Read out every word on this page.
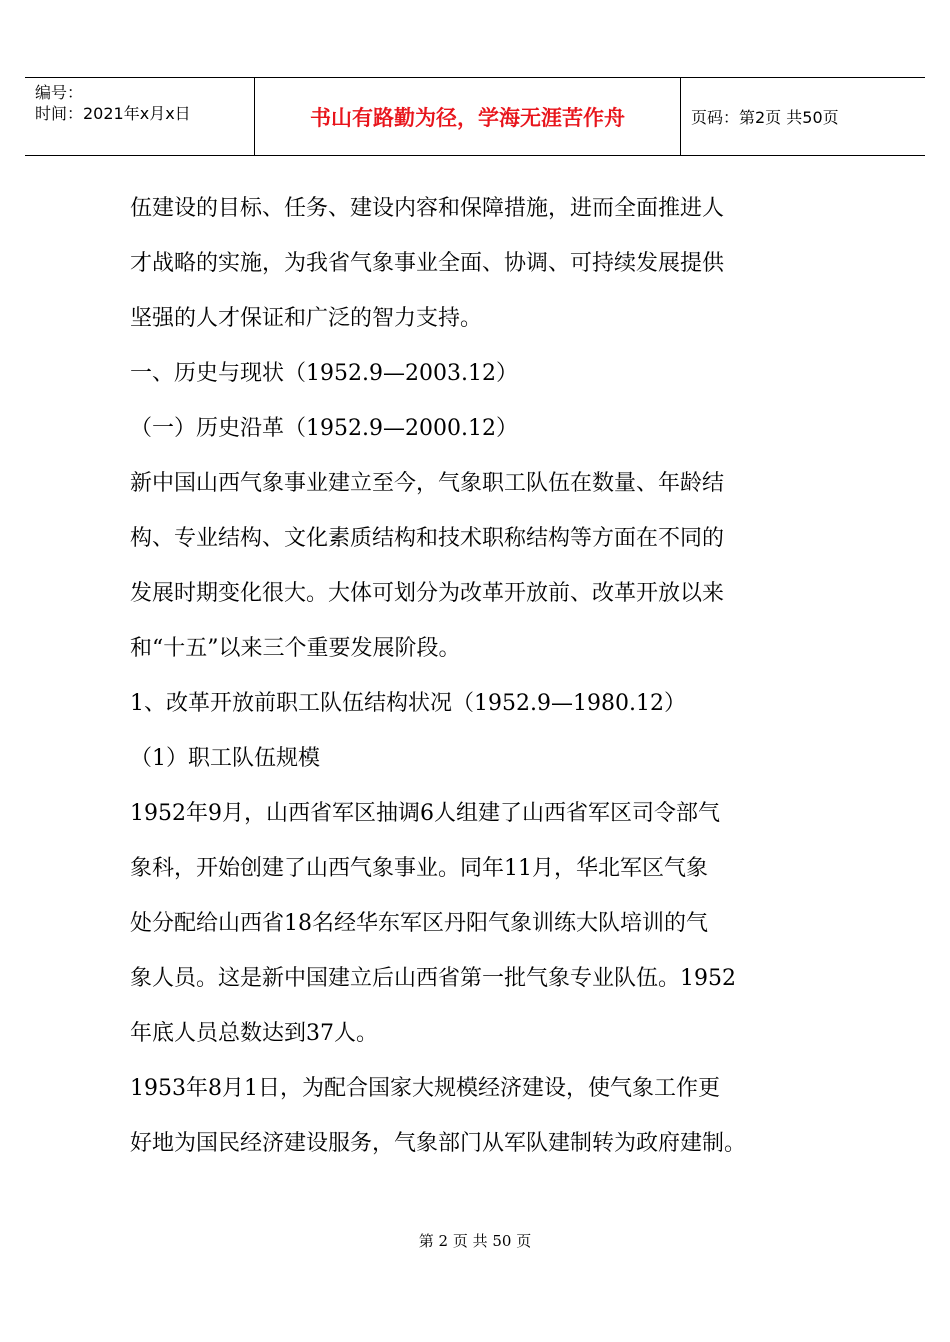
编号：
时间：2021年x月x日	书山有路勤为径，学海无涯苦作舟	页码：第2页 共50页
伍建设的目标、任务、建设内容和保障措施，进而全面推进人
才战略的实施，为我省气象事业全面、协调、可持续发展提供
坚强的人才保证和广泛的智力支持。
一、历史与现状（1952.9—2003.12）
（一）历史沿革（1952.9—2000.12）
新中国山西气象事业建立至今，气象职工队伍在数量、年龄结
构、专业结构、文化素质结构和技术职称结构等方面在不同的
发展时期变化很大。大体可划分为改革开放前、改革开放以来
和“十五”以来三个重要发展阶段。
1、改革开放前职工队伍结构状况（1952.9—1980.12）
（1）职工队伍规模
1952年9月，山西省军区抽调6人组建了山西省军区司令部气
象科，开始创建了山西气象事业。同年11月，华北军区气象
处分配给山西省18名经华东军区丹阳气象训练大队培训的气
象人员。这是新中国建立后山西省第一批气象专业队伍。1952
年底人员总数达到37人。
1953年8月1日，为配合国家大规模经济建设，使气象工作更
好地为国民经济建设服务，气象部门从军队建制转为政府建制。
第 2 页 共 50 页
